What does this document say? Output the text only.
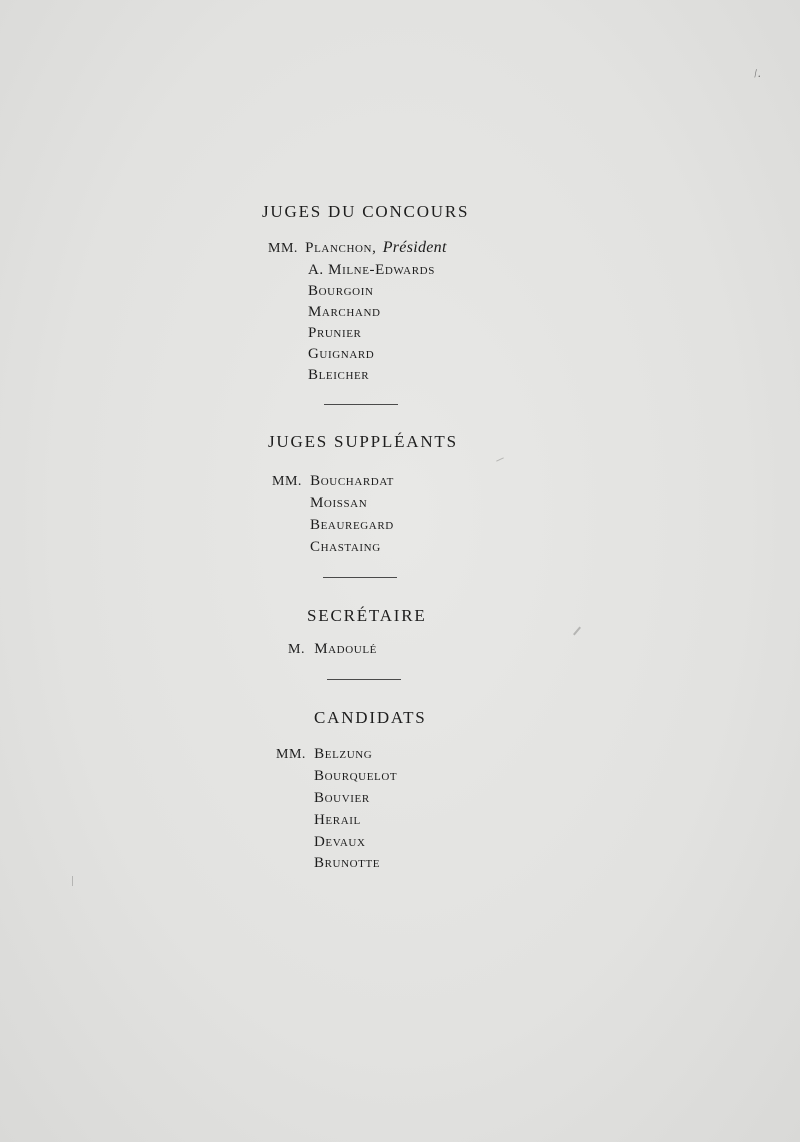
/.
JUGES DU CONCOURS
MM. Planchon, Président
A. Milne-Edwards
Bourgoin
Marchand
Prunier
Guignard
Bleicher
JUGES SUPPLÉANTS
MM. Bouchardat
Moissan
Beauregard
Chastaing
SECRÉTAIRE
M. Madoulé
CANDIDATS
MM. Belzung
Bourquelot
Bouvier
Herail
Devaux
Brunotte
